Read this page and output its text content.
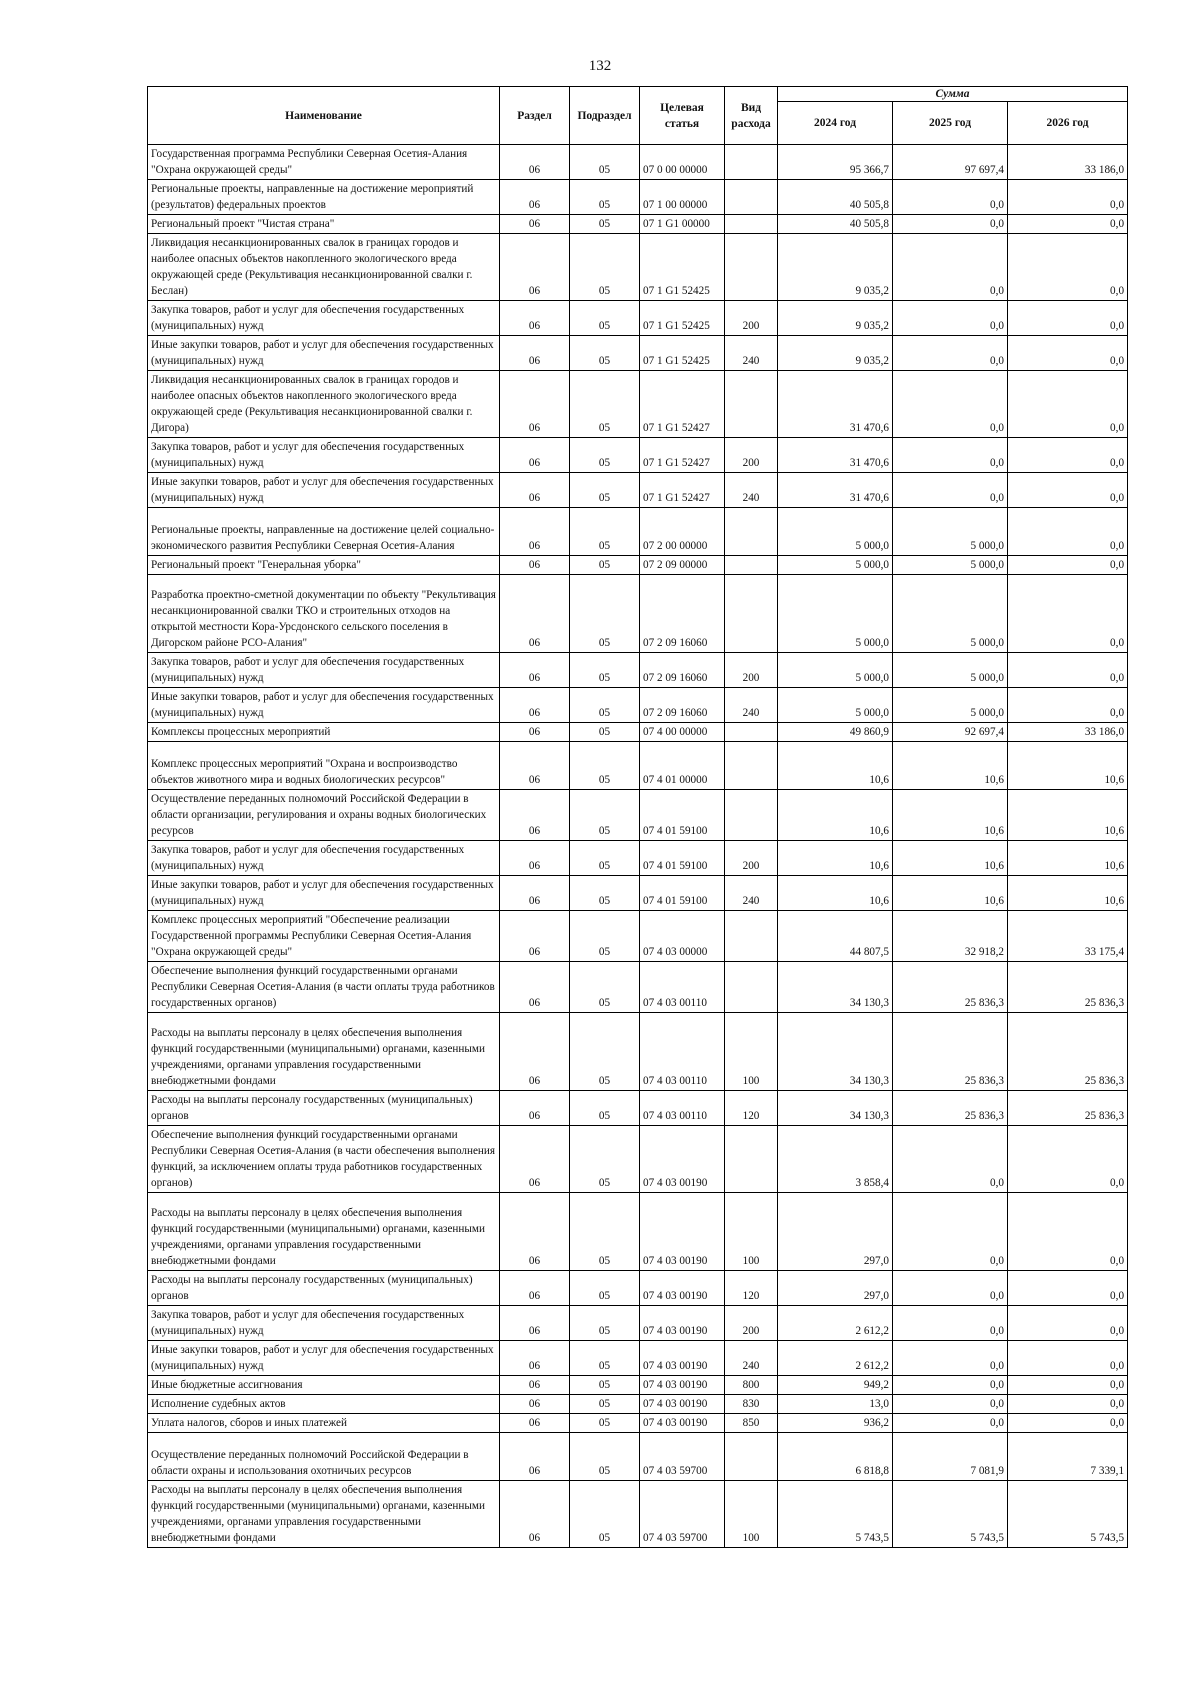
132
Наименование	Раздел	Подраздел	Целевая статья	Вид расхода	Сумма		
					2024 год	2025 год	2026 год
Государственная программа Республики Северная Осетия-Алания "Охрана окружающей среды"	06	05	07 0 00 00000		95 366,7	97 697,4	33 186,0
Региональные проекты, направленные на достижение мероприятий (результатов) федеральных проектов	06	05	07 1 00 00000		40 505,8	0,0	0,0
Региональный проект "Чистая страна"	06	05	07 1 G1 00000		40 505,8	0,0	0,0
Ликвидация несанкционированных свалок в границах городов и наиболее опасных объектов накопленного экологического вреда окружающей среде (Рекультивация несанкционированной свалки г. Беслан)	06	05	07 1 G1 52425		9 035,2	0,0	0,0
Закупка товаров, работ и услуг для обеспечения государственных (муниципальных) нужд	06	05	07 1 G1 52425	200	9 035,2	0,0	0,0
Иные закупки товаров, работ и услуг для обеспечения государственных (муниципальных) нужд	06	05	07 1 G1 52425	240	9 035,2	0,0	0,0
Ликвидация несанкционированных свалок в границах городов и наиболее опасных объектов накопленного экологического вреда окружающей среде (Рекультивация несанкционированной свалки г. Дигора)	06	05	07 1 G1 52427		31 470,6	0,0	0,0
Закупка товаров, работ и услуг для обеспечения государственных (муниципальных) нужд	06	05	07 1 G1 52427	200	31 470,6	0,0	0,0
Иные закупки товаров, работ и услуг для обеспечения государственных (муниципальных) нужд	06	05	07 1 G1 52427	240	31 470,6	0,0	0,0
Региональные проекты, направленные на достижение целей социально-экономического развития Республики Северная Осетия-Алания	06	05	07 2 00 00000		5 000,0	5 000,0	0,0
Региональный проект "Генеральная уборка"	06	05	07 2 09 00000		5 000,0	5 000,0	0,0
Разработка проектно-сметной документации по объекту "Рекультивация несанкционированной свалки ТКО и строительных отходов на открытой местности Кора-Урсдонского сельского поселения в Дигорском районе РСО-Алания"	06	05	07 2 09 16060		5 000,0	5 000,0	0,0
Закупка товаров, работ и услуг для обеспечения государственных (муниципальных) нужд	06	05	07 2 09 16060	200	5 000,0	5 000,0	0,0
Иные закупки товаров, работ и услуг для обеспечения государственных (муниципальных) нужд	06	05	07 2 09 16060	240	5 000,0	5 000,0	0,0
Комплексы процессных мероприятий	06	05	07 4 00 00000		49 860,9	92 697,4	33 186,0
Комплекс процессных мероприятий "Охрана и воспроизводство объектов животного мира и водных биологических ресурсов"	06	05	07 4 01 00000		10,6	10,6	10,6
Осуществление переданных полномочий Российской Федерации в области организации, регулирования и охраны водных биологических ресурсов	06	05	07 4 01 59100		10,6	10,6	10,6
Закупка товаров, работ и услуг для обеспечения государственных (муниципальных) нужд	06	05	07 4 01 59100	200	10,6	10,6	10,6
Иные закупки товаров, работ и услуг для обеспечения государственных (муниципальных) нужд	06	05	07 4 01 59100	240	10,6	10,6	10,6
Комплекс процессных мероприятий "Обеспечение реализации Государственной программы Республики Северная Осетия-Алания "Охрана окружающей среды"	06	05	07 4 03 00000		44 807,5	32 918,2	33 175,4
Обеспечение выполнения функций государственными органами Республики Северная Осетия-Алания (в части оплаты труда работников государственных органов)	06	05	07 4 03 00110		34 130,3	25 836,3	25 836,3
Расходы на выплаты персоналу в целях обеспечения выполнения функций государственными (муниципальными) органами, казенными учреждениями, органами управления государственными внебюджетными фондами	06	05	07 4 03 00110	100	34 130,3	25 836,3	25 836,3
Расходы на выплаты персоналу государственных (муниципальных) органов	06	05	07 4 03 00110	120	34 130,3	25 836,3	25 836,3
Обеспечение выполнения функций государственными органами Республики Северная Осетия-Алания (в части обеспечения выполнения функций, за исключением оплаты труда работников государственных органов)	06	05	07 4 03 00190		3 858,4	0,0	0,0
Расходы на выплаты персоналу в целях обеспечения выполнения функций государственными (муниципальными) органами, казенными учреждениями, органами управления государственными внебюджетными фондами	06	05	07 4 03 00190	100	297,0	0,0	0,0
Расходы на выплаты персоналу государственных (муниципальных) органов	06	05	07 4 03 00190	120	297,0	0,0	0,0
Закупка товаров, работ и услуг для обеспечения государственных (муниципальных) нужд	06	05	07 4 03 00190	200	2 612,2	0,0	0,0
Иные закупки товаров, работ и услуг для обеспечения государственных (муниципальных) нужд	06	05	07 4 03 00190	240	2 612,2	0,0	0,0
Иные бюджетные ассигнования	06	05	07 4 03 00190	800	949,2	0,0	0,0
Исполнение судебных актов	06	05	07 4 03 00190	830	13,0	0,0	0,0
Уплата налогов, сборов и иных платежей	06	05	07 4 03 00190	850	936,2	0,0	0,0
Осуществление переданных полномочий Российской Федерации в области охраны и использования охотничьих ресурсов	06	05	07 4 03 59700		6 818,8	7 081,9	7 339,1
Расходы на выплаты персоналу в целях обеспечения выполнения функций государственными (муниципальными) органами, казенными учреждениями, органами управления государственными внебюджетными фондами	06	05	07 4 03 59700	100	5 743,5	5 743,5	5 743,5
